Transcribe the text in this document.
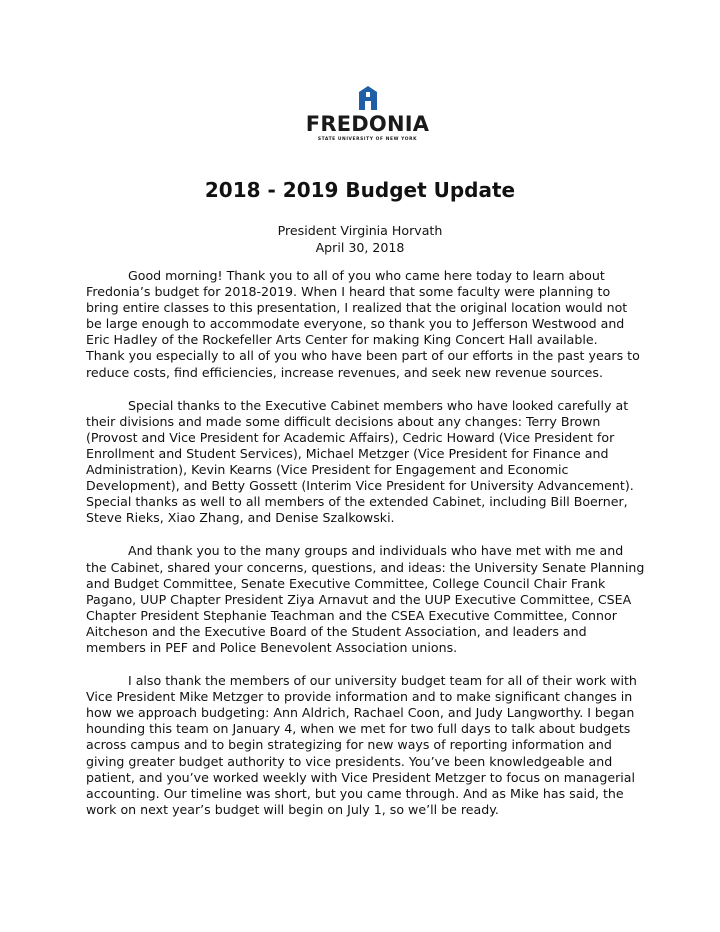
FREDONIA
STATE UNIVERSITY OF NEW YORK
2018 - 2019 Budget Update
President Virginia Horvath
April 30, 2018

Good morning! Thank you to all of you who came here today to learn about
Fredonia’s budget for 2018-2019. When I heard that some faculty were planning to
bring entire classes to this presentation, I realized that the original location would not
be large enough to accommodate everyone, so thank you to Jefferson Westwood and
Eric Hadley of the Rockefeller Arts Center for making King Concert Hall available.
Thank you especially to all of you who have been part of our efforts in the past years to
reduce costs, find efficiencies, increase revenues, and seek new revenue sources.

Special thanks to the Executive Cabinet members who have looked carefully at
their divisions and made some difficult decisions about any changes: Terry Brown
(Provost and Vice President for Academic Affairs), Cedric Howard (Vice President for
Enrollment and Student Services), Michael Metzger (Vice President for Finance and
Administration), Kevin Kearns (Vice President for Engagement and Economic
Development), and Betty Gossett (Interim Vice President for University Advancement).
Special thanks as well to all members of the extended Cabinet, including Bill Boerner,
Steve Rieks, Xiao Zhang, and Denise Szalkowski.

And thank you to the many groups and individuals who have met with me and
the Cabinet, shared your concerns, questions, and ideas: the University Senate Planning
and Budget Committee, Senate Executive Committee, College Council Chair Frank
Pagano, UUP Chapter President Ziya Arnavut and the UUP Executive Committee, CSEA
Chapter President Stephanie Teachman and the CSEA Executive Committee, Connor
Aitcheson and the Executive Board of the Student Association, and leaders and
members in PEF and Police Benevolent Association unions.

I also thank the members of our university budget team for all of their work with
Vice President Mike Metzger to provide information and to make significant changes in
how we approach budgeting: Ann Aldrich, Rachael Coon, and Judy Langworthy. I began
hounding this team on January 4, when we met for two full days to talk about budgets
across campus and to begin strategizing for new ways of reporting information and
giving greater budget authority to vice presidents. You’ve been knowledgeable and
patient, and you’ve worked weekly with Vice President Metzger to focus on managerial
accounting. Our timeline was short, but you came through. And as Mike has said, the
work on next year’s budget will begin on July 1, so we’ll be ready.
